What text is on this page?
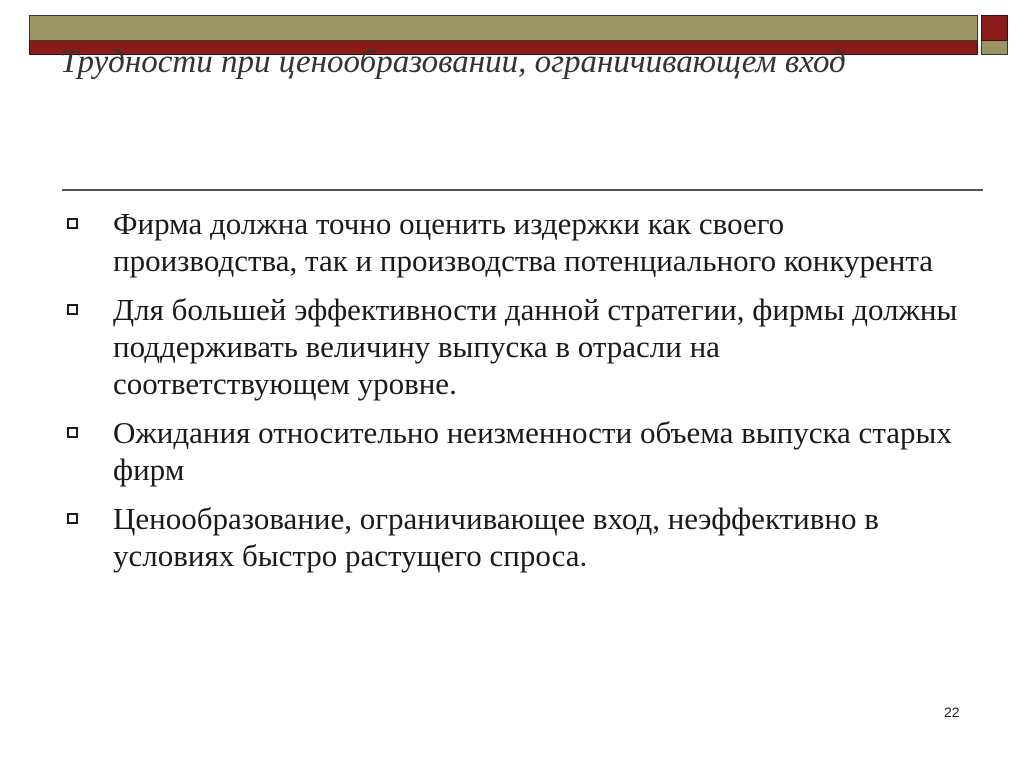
Трудности при ценообразовании, ограничивающем вход
Фирма должна точно оценить издержки как своего производства, так и производства потенциального конкурента
Для большей эффективности данной стратегии, фирмы должны поддерживать величину выпуска в отрасли на соответствующем уровне.
Ожидания относительно неизменности объема выпуска старых фирм
Ценообразование, ограничивающее вход, неэффективно в условиях быстро растущего спроса.
22
